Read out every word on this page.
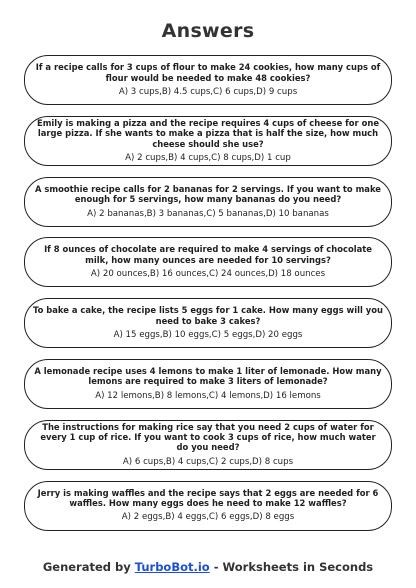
Answers
If a recipe calls for 3 cups of flour to make 24 cookies, how many cups of flour would be needed to make 48 cookies?
A) 3 cups,B) 4.5 cups,C) 6 cups,D) 9 cups
Emily is making a pizza and the recipe requires 4 cups of cheese for one large pizza. If she wants to make a pizza that is half the size, how much cheese should she use?
A) 2 cups,B) 4 cups,C) 8 cups,D) 1 cup
A smoothie recipe calls for 2 bananas for 2 servings. If you want to make enough for 5 servings, how many bananas do you need?
A) 2 bananas,B) 3 bananas,C) 5 bananas,D) 10 bananas
If 8 ounces of chocolate are required to make 4 servings of chocolate milk, how many ounces are needed for 10 servings?
A) 20 ounces,B) 16 ounces,C) 24 ounces,D) 18 ounces
To bake a cake, the recipe lists 5 eggs for 1 cake. How many eggs will you need to bake 3 cakes?
A) 15 eggs,B) 10 eggs,C) 5 eggs,D) 20 eggs
A lemonade recipe uses 4 lemons to make 1 liter of lemonade. How many lemons are required to make 3 liters of lemonade?
A) 12 lemons,B) 8 lemons,C) 4 lemons,D) 16 lemons
The instructions for making rice say that you need 2 cups of water for every 1 cup of rice. If you want to cook 3 cups of rice, how much water do you need?
A) 6 cups,B) 4 cups,C) 2 cups,D) 8 cups
Jerry is making waffles and the recipe says that 2 eggs are needed for 6 waffles. How many eggs does he need to make 12 waffles?
A) 2 eggs,B) 4 eggs,C) 6 eggs,D) 8 eggs
Generated by TurboBot.io - Worksheets in Seconds
